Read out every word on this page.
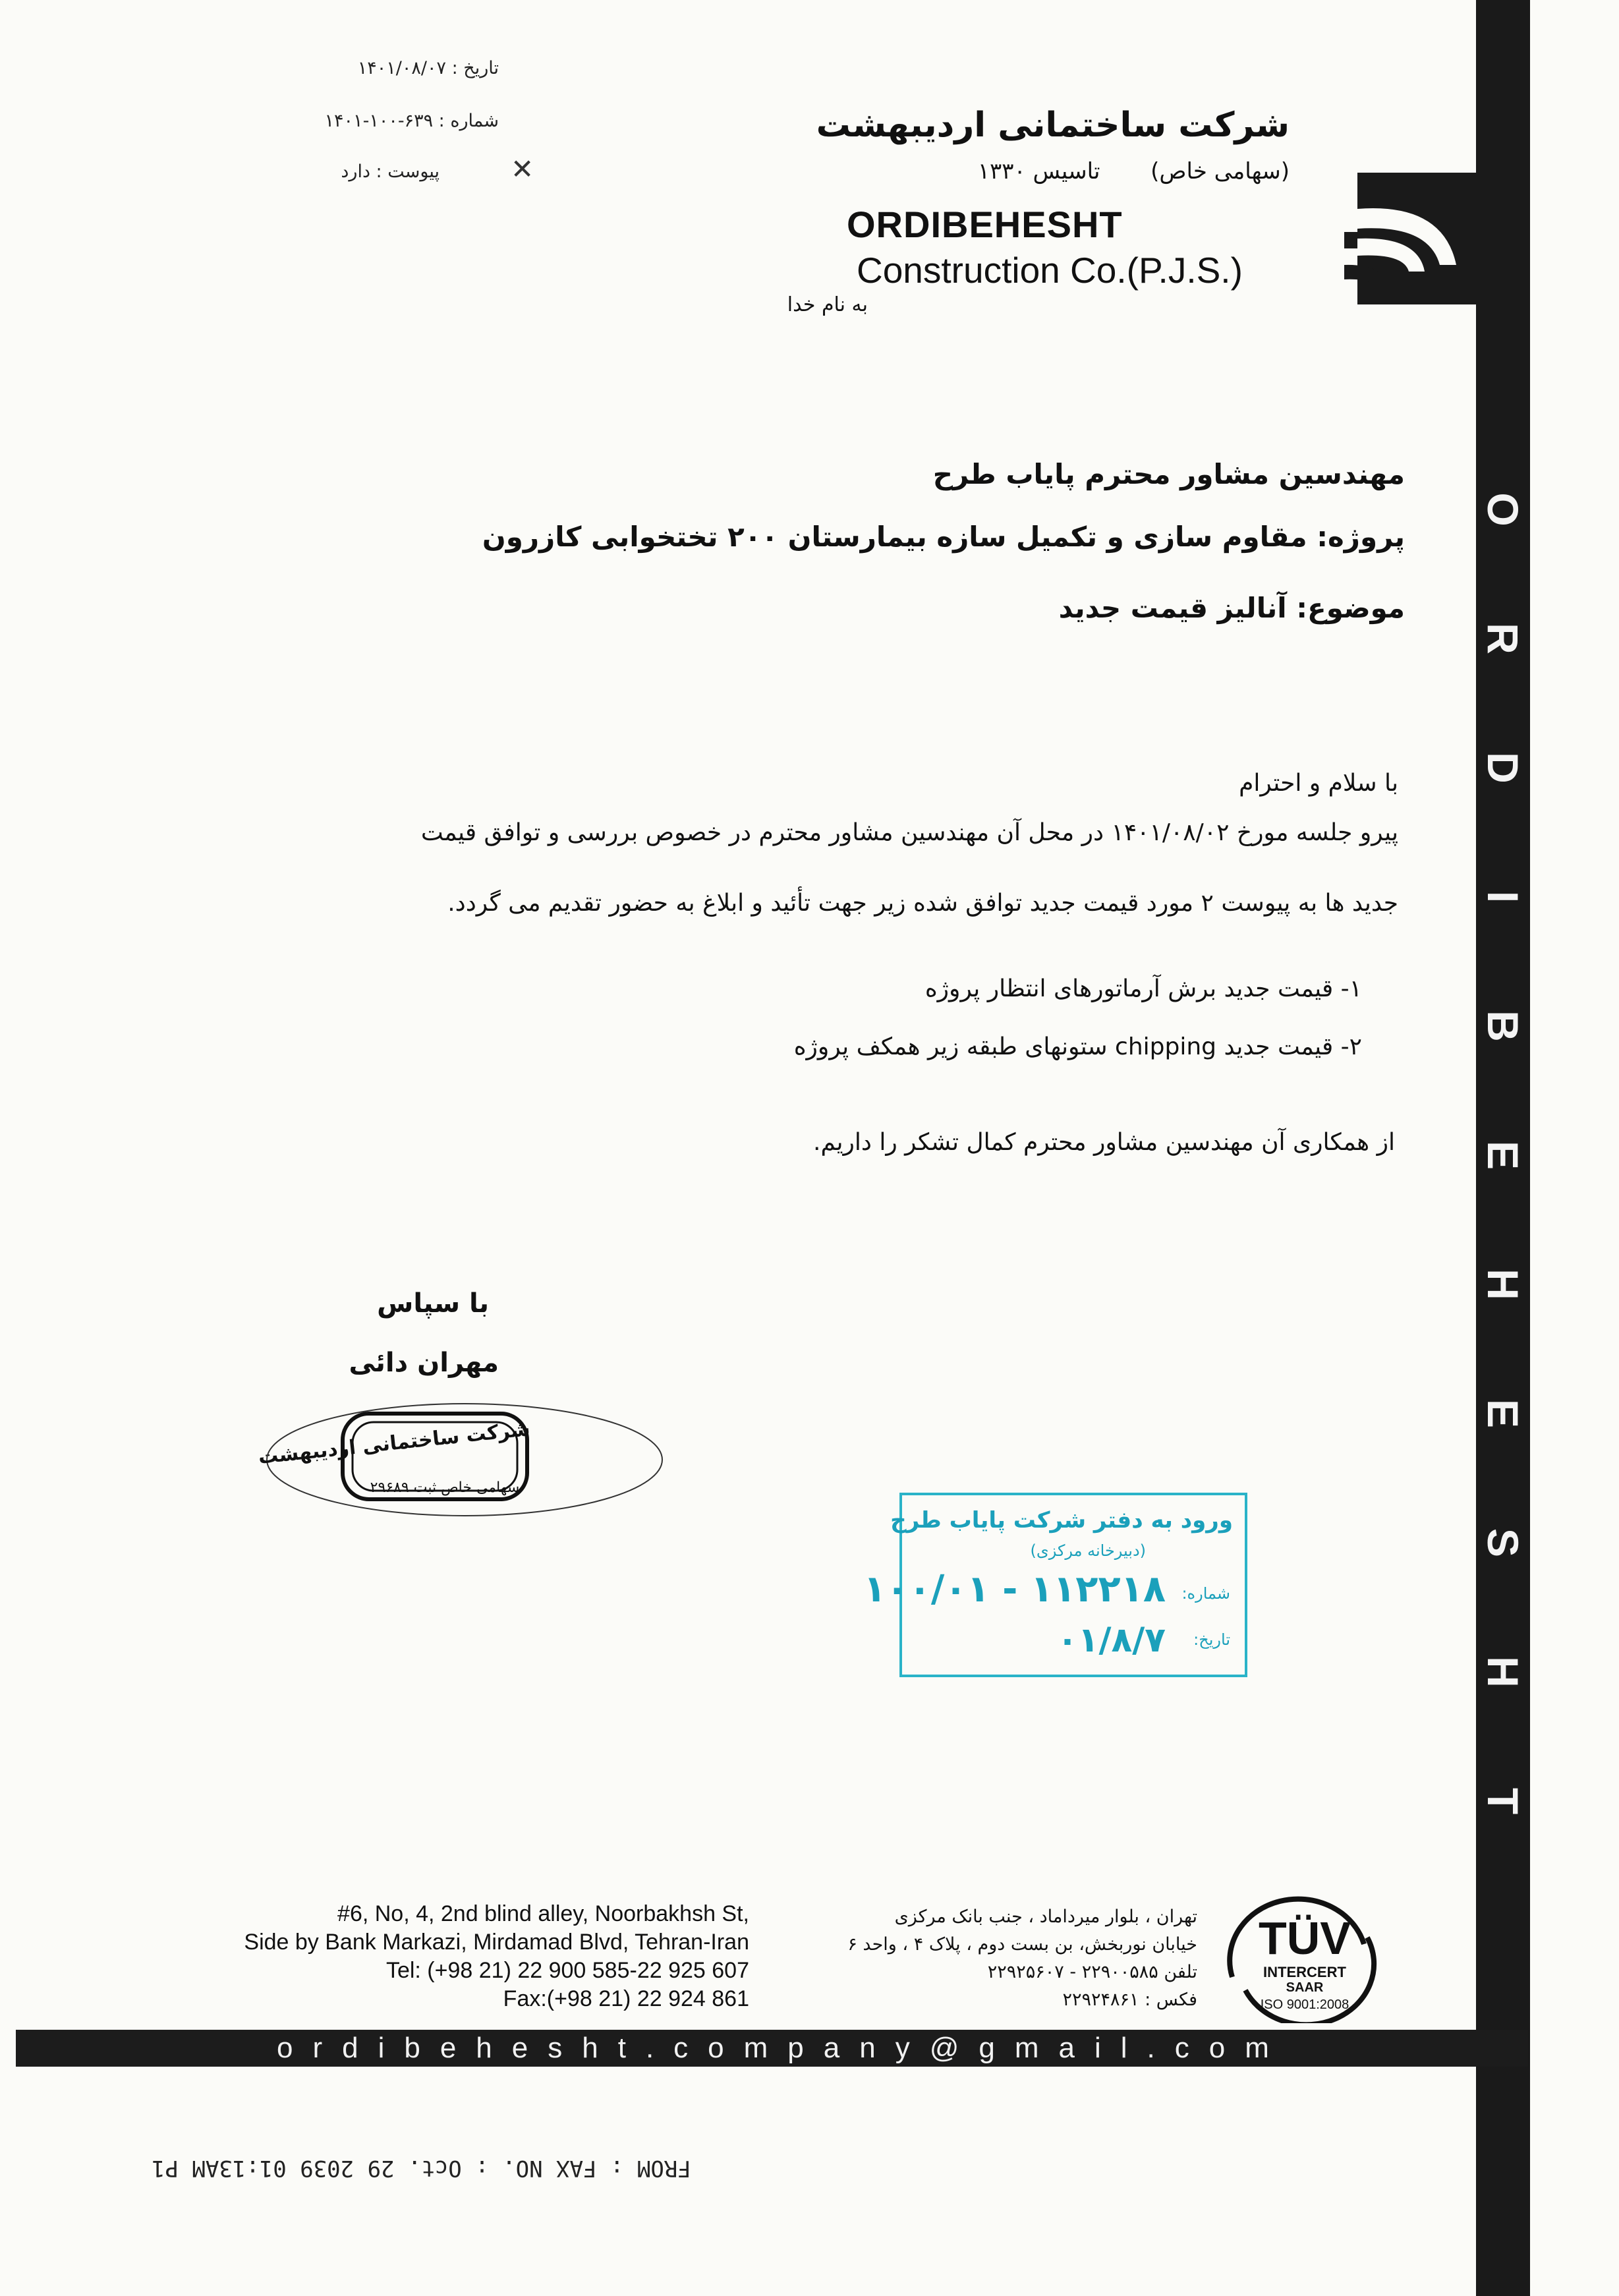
تاریخ : ۱۴۰۱/۰۸/۰۷
شماره : ۶۳۹-۱۰۰-۱۴۰۱
پیوست : دارد	✕
شرکت ساختمانی اردیبهشت
(سهامی خاص)  تاسیس ۱۳۳۰
ORDIBEHESHT
Construction Co.(P.J.S.)
به نام خدا
O
R
D
I
B
E
H
E
S
H
T
مهندسین مشاور محترم پایاب طرح
پروژه: مقاوم سازی و تکمیل سازه بیمارستان ۲۰۰ تختخوابی کازرون
موضوع: آنالیز قیمت جدید
با سلام و احترام
پیرو جلسه مورخ ۱۴۰۱/۰۸/۰۲ در محل آن مهندسین مشاور محترم در خصوص بررسی و توافق قیمت
جدید ها به پیوست ۲ مورد قیمت جدید توافق شده زیر جهت تأئید و ابلاغ به حضور تقدیم می گردد.
۱- قیمت جدید برش آرماتورهای انتظار پروژه
۲- قیمت جدید chipping ستونهای طبقه زیر همکف پروژه
از همکاری آن مهندسین مشاور محترم کمال تشکر را داریم.
با سپاس
مهران دائی
شرکت ساختمانی اردیبهشت
سهامی خاص ثبت ۲۹۶۸۹
ورود به دفتر شرکت پایاب طرح
(دبیرخانه مرکزی)
شماره:
۱۰۰/۰۱ - ۱۱۲۲۱۸
تاریخ:
۰۱/۸/۷
#6, No, 4, 2nd blind alley, Noorbakhsh St,
Side by Bank Markazi, Mirdamad Blvd, Tehran-Iran
Tel: (+98 21) 22 900 585-22 925 607
Fax:(+98 21) 22 924 861
تهران ، بلوار میرداماد ، جنب بانک مرکزی
خیابان نوربخش، بن بست دوم ، پلاک ۴ ، واحد ۶
تلفن ۲۲۹۰۰۵۸۵ - ۲۲۹۲۵۶۰۷
فکس : ۲۲۹۲۴۸۶۱
TÜV
INTERCERT
SAAR
ISO 9001:2008
ordibehesht.company@gmail.com
FROM : FAX NO. : Oct. 29 2039 01:13AM P1
